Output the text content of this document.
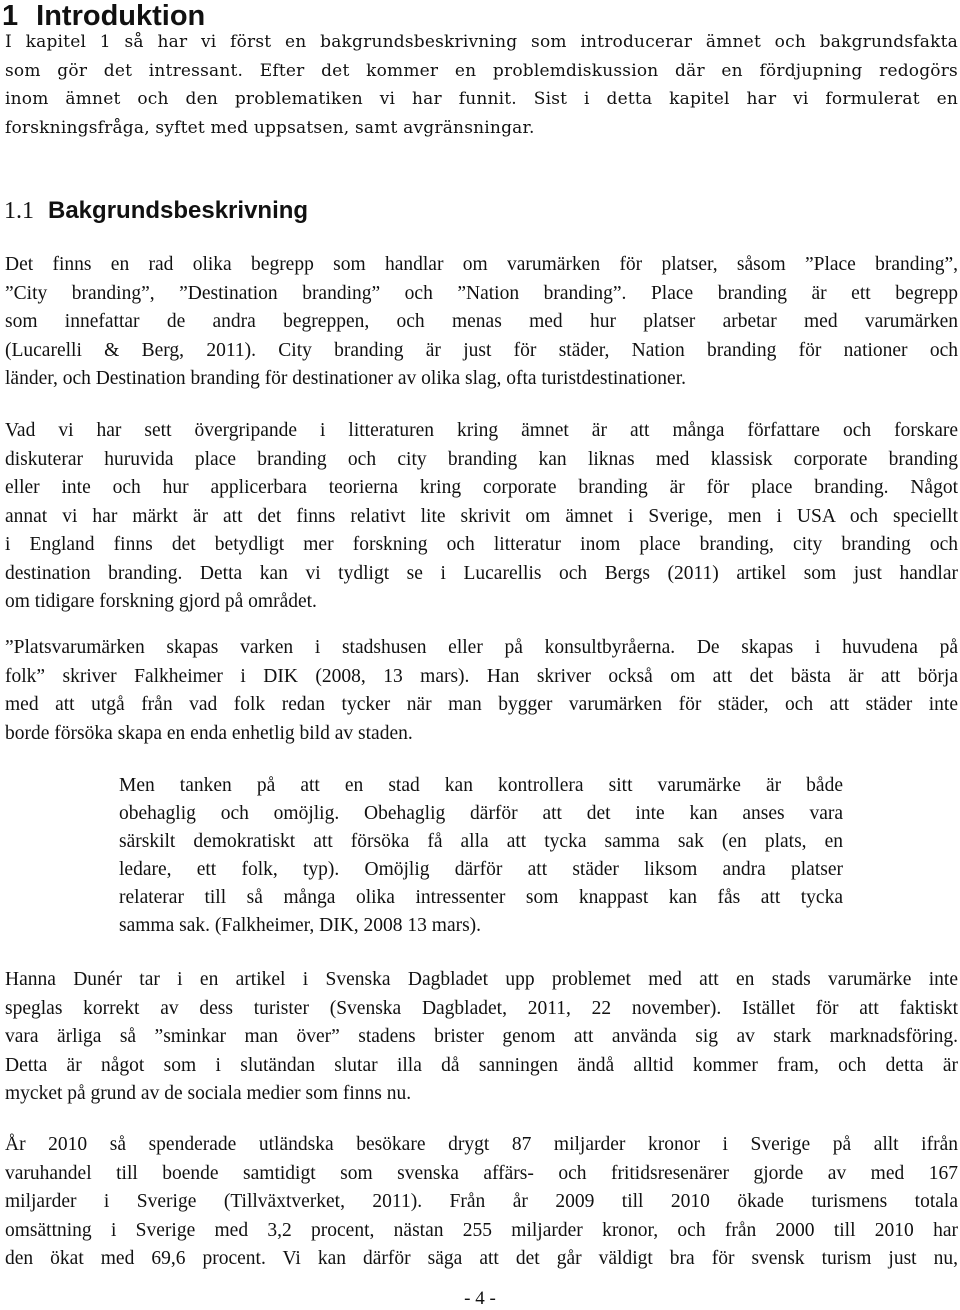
1 Introduktion
I kapitel 1 så har vi först en bakgrundsbeskrivning som introducerar ämnet och bakgrundsfakta
som gör det intressant. Efter det kommer en problemdiskussion där en fördjupning redogörs
inom ämnet och den problematiken vi har funnit. Sist i detta kapitel har vi formulerat en
forskningsfråga, syftet med uppsatsen, samt avgränsningar.
1.1 Bakgrundsbeskrivning
Det finns en rad olika begrepp som handlar om varumärken för platser, såsom ”Place branding”,
”City branding”, ”Destination branding” och ”Nation branding”. Place branding är ett begrepp
som innefattar de andra begreppen, och menas med hur platser arbetar med varumärken
(Lucarelli & Berg, 2011). City branding är just för städer, Nation branding för nationer och
länder, och Destination branding för destinationer av olika slag, ofta turistdestinationer.
Vad vi har sett övergripande i litteraturen kring ämnet är att många författare och forskare
diskuterar huruvida place branding och city branding kan liknas med klassisk corporate branding
eller inte och hur applicerbara teorierna kring corporate branding är för place branding. Något
annat vi har märkt är att det finns relativt lite skrivit om ämnet i Sverige, men i USA och speciellt
i England finns det betydligt mer forskning och litteratur inom place branding, city branding och
destination branding. Detta kan vi tydligt se i Lucarellis och Bergs (2011) artikel som just handlar
om tidigare forskning gjord på området.
”Platsvarumärken skapas varken i stadshusen eller på konsultbyråerna. De skapas i huvudena på
folk” skriver Falkheimer i DIK (2008, 13 mars). Han skriver också om att det bästa är att börja
med att utgå från vad folk redan tycker när man bygger varumärken för städer, och att städer inte
borde försöka skapa en enda enhetlig bild av staden.
Men tanken på att en stad kan kontrollera sitt varumärke är både
obehaglig och omöjlig. Obehaglig därför att det inte kan anses vara
särskilt demokratiskt att försöka få alla att tycka samma sak (en plats, en
ledare, ett folk, typ). Omöjlig därför att städer liksom andra platser
relaterar till så många olika intressenter som knappast kan fås att tycka
samma sak. (Falkheimer, DIK, 2008 13 mars).
Hanna Dunér tar i en artikel i Svenska Dagbladet upp problemet med att en stads varumärke inte
speglas korrekt av dess turister (Svenska Dagbladet, 2011, 22 november). Istället för att faktiskt
vara ärliga så ”sminkar man över” stadens brister genom att använda sig av stark marknadsföring.
Detta är något som i slutändan slutar illa då sanningen ändå alltid kommer fram, och detta är
mycket på grund av de sociala medier som finns nu.
År 2010 så spenderade utländska besökare drygt 87 miljarder kronor i Sverige på allt ifrån
varuhandel till boende samtidigt som svenska affärs- och fritidsresenärer gjorde av med 167
miljarder i Sverige (Tillväxtverket, 2011). Från år 2009 till 2010 ökade turismens totala
omsättning i Sverige med 3,2 procent, nästan 255 miljarder kronor, och från 2000 till 2010 har
den ökat med 69,6 procent. Vi kan därför säga att det går väldigt bra för svensk turism just nu,
- 4 -
